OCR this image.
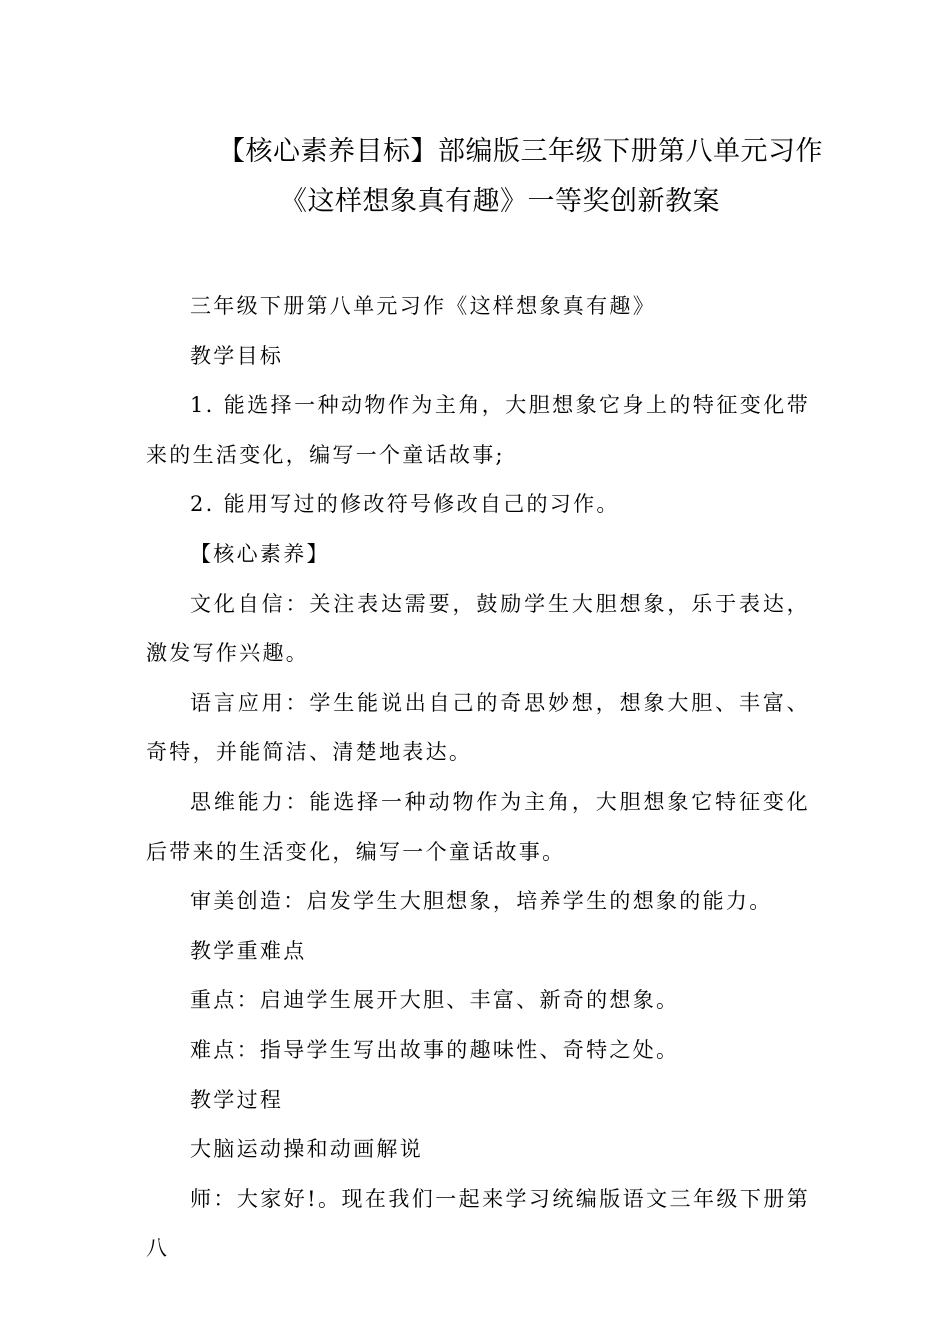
【核心素养目标】部编版三年级下册第八单元习作
《这样想象真有趣》一等奖创新教案

三年级下册第八单元习作《这样想象真有趣》

教学目标

1. 能选择一种动物作为主角，大胆想象它身上的特征变化带来的生活变化，编写一个童话故事;

2. 能用写过的修改符号修改自己的习作。

【核心素养】

文化自信：关注表达需要，鼓励学生大胆想象，乐于表达，激发写作兴趣。

语言应用：学生能说出自己的奇思妙想，想象大胆、丰富、奇特，并能简洁、清楚地表达。

思维能力：能选择一种动物作为主角，大胆想象它特征变化后带来的生活变化，编写一个童话故事。

审美创造：启发学生大胆想象，培养学生的想象的能力。

教学重难点

重点：启迪学生展开大胆、丰富、新奇的想象。

难点：指导学生写出故事的趣味性、奇特之处。

教学过程

大脑运动操和动画解说

师：大家好!。现在我们一起来学习统编版语文三年级下册第八
